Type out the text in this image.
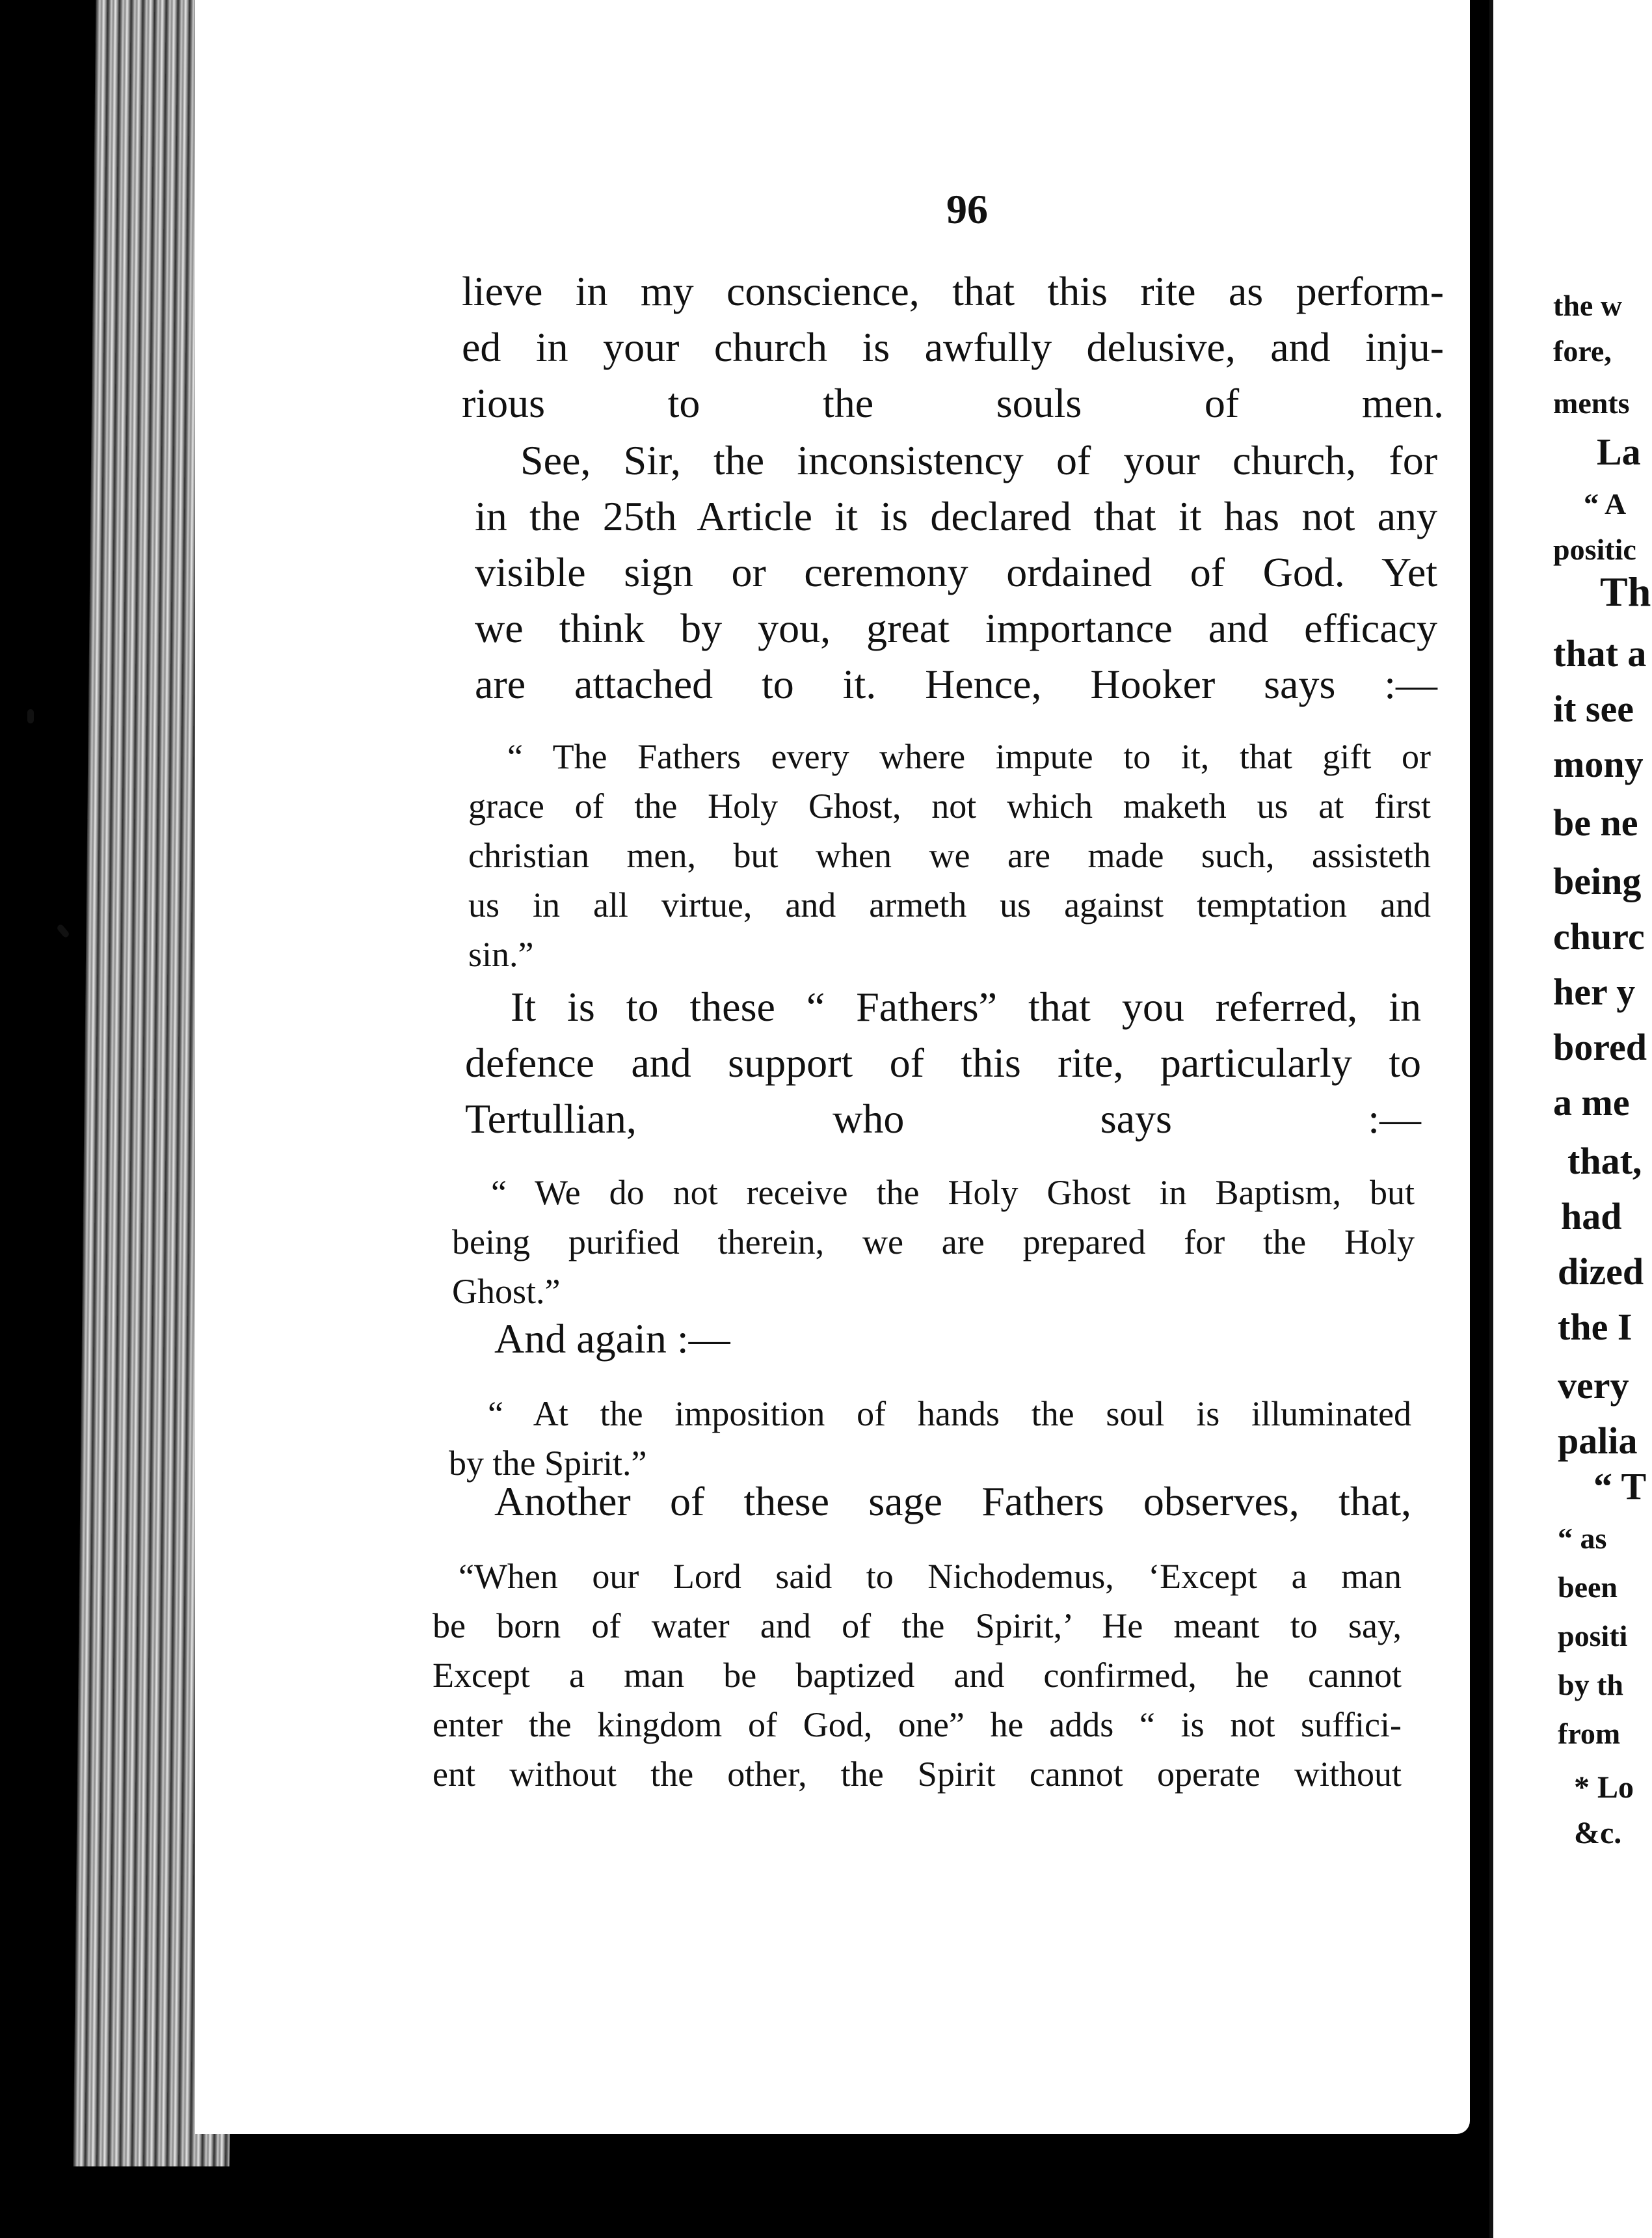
96
lieve in my conscience, that this rite as perform-
ed in your church is awfully delusive, and inju-
rious to the souls of men.
See, Sir, the inconsistency of your church, for
in the 25th Article it is declared that it has not any
visible sign or ceremony ordained of God. Yet
we think by you, great importance and efficacy
are attached to it. Hence, Hooker says :—
“ The Fathers every where impute to it, that gift or
grace of the Holy Ghost, not which maketh us at first
christian men, but when we are made such, assisteth
us in all virtue, and armeth us against temptation and
sin.”
It is to these “ Fathers” that you referred, in
defence and support of this rite, particularly to
Tertullian, who says :—
“ We do not receive the Holy Ghost in Baptism, but
being purified therein, we are prepared for the Holy
Ghost.”
And again :—
“ At the imposition of hands the soul is illuminated
by the Spirit.”
Another of these sage Fathers observes, that,
“When our Lord said to Nichodemus, ‘Except a man
be born of water and of the Spirit,’ He meant to say,
Except a man be baptized and confirmed, he cannot
enter the kingdom of God, one” he adds “ is not suffici-
ent without the other, the Spirit cannot operate without
the w
fore,
ments
La
“ A
positic
Th
that a
it see
mony
be ne
being
churc
her y
bored
a me
that,
had
dized
the I
very
palia
“ T
“ as
been
positi
by th
from
* Lo
&c.
